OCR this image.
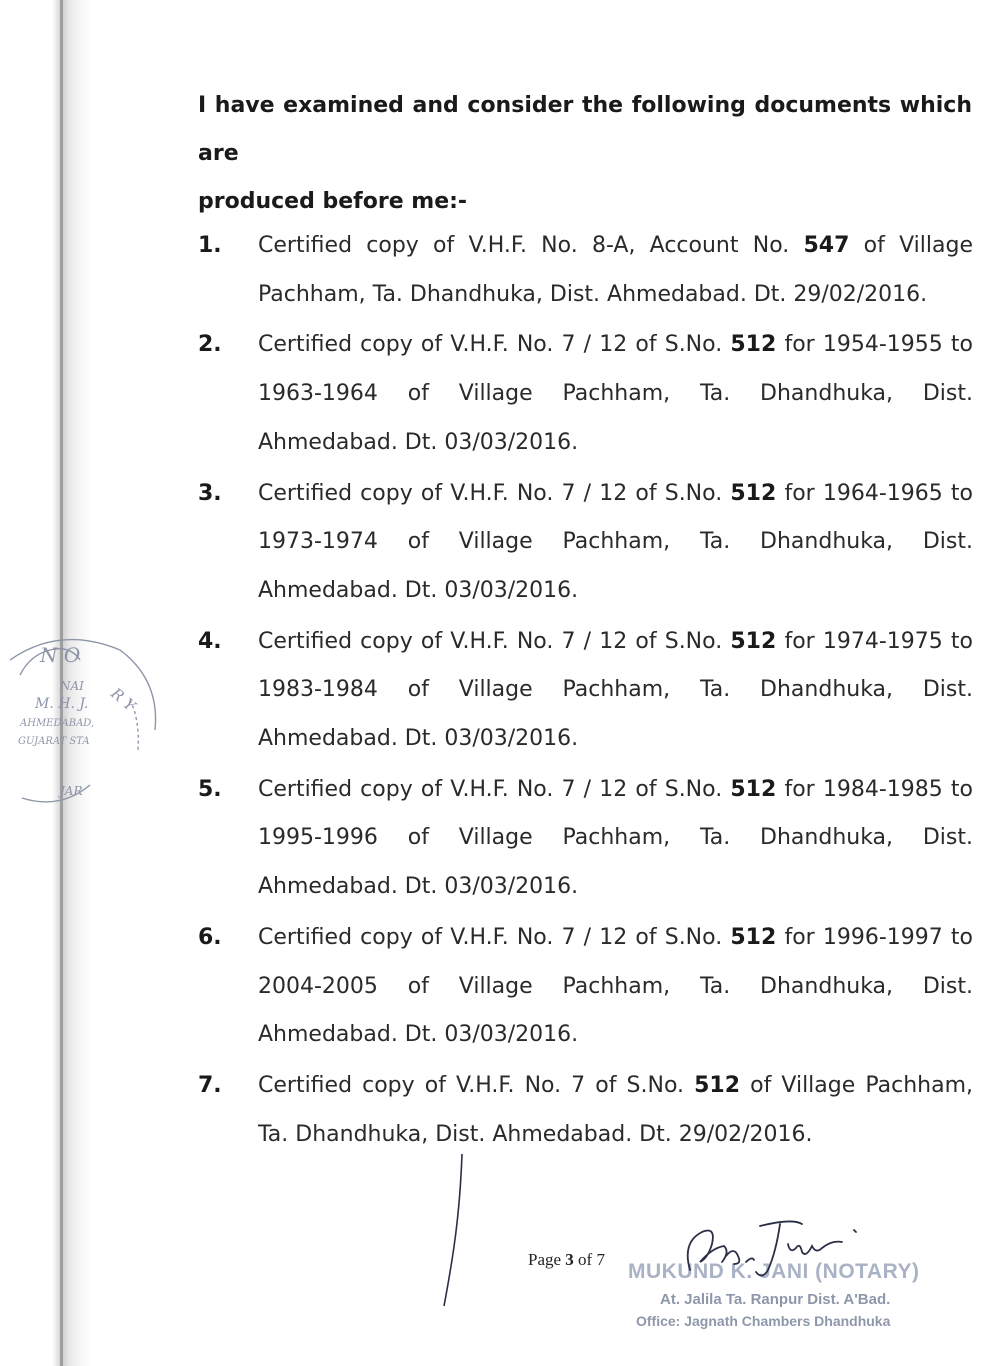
N O
R Y
NAI
M. H. J.
AHMEDABAD,
GUJARAT STA
JAR
I have examined and consider the following documents which are
produced before me:-
1.	Certified copy of V.H.F. No. 8-A, Account No. 547 of Village Pachham, Ta. Dhandhuka, Dist. Ahmedabad. Dt. 29/02/2016.
2.	Certified copy of V.H.F. No. 7 / 12 of S.No. 512 for 1954-1955 to 1963-1964 of Village Pachham, Ta. Dhandhuka, Dist. Ahmedabad. Dt. 03/03/2016.
3.	Certified copy of V.H.F. No. 7 / 12 of S.No. 512 for 1964-1965 to 1973-1974 of Village Pachham, Ta. Dhandhuka, Dist. Ahmedabad. Dt. 03/03/2016.
4.	Certified copy of V.H.F. No. 7 / 12 of S.No. 512 for 1974-1975 to 1983-1984 of Village Pachham, Ta. Dhandhuka, Dist. Ahmedabad. Dt. 03/03/2016.
5.	Certified copy of V.H.F. No. 7 / 12 of S.No. 512 for 1984-1985 to 1995-1996 of Village Pachham, Ta. Dhandhuka, Dist. Ahmedabad. Dt. 03/03/2016.
6.	Certified copy of V.H.F. No. 7 / 12 of S.No. 512 for 1996-1997 to 2004-2005 of Village Pachham, Ta. Dhandhuka, Dist. Ahmedabad. Dt. 03/03/2016.
7.	Certified copy of V.H.F. No. 7 of S.No. 512 of Village Pachham, Ta. Dhandhuka, Dist. Ahmedabad. Dt. 29/02/2016.
Page 3 of 7
MUKUND K. JANI (NOTARY)
At. Jalila Ta. Ranpur Dist. A'Bad.
Office: Jagnath Chambers Dhandhuka
